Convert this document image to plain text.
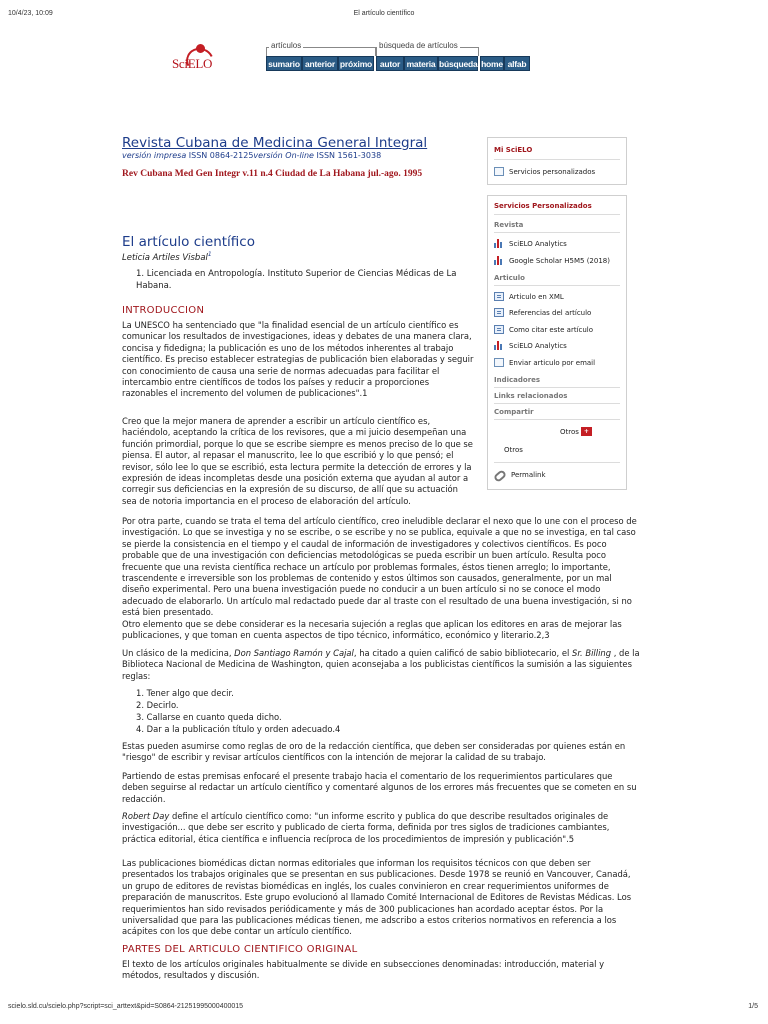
10/4/23, 10:09	El artículo científico
SciELO
artículos	búsqueda de artículos
sumario anterior próximo autor materia búsqueda home alfab
Revista Cubana de Medicina General Integral
versión impresa ISSN 0864-2125versión On-line ISSN 1561-3038
Rev Cubana Med Gen Integr v.11 n.4 Ciudad de La Habana jul.-ago. 1995
El artículo científico
Leticia Artiles Visbal$^1$
1. Licenciada en Antropología. Instituto Superior de Ciencias Médicas de La Habana.
INTRODUCCION

La UNESCO ha sentenciado que "la finalidad esencial de un artículo científico es comunicar los resultados de investigaciones, ideas y debates de una manera clara, concisa y fidedigna; la publicación es uno de los métodos inherentes al trabajo científico. Es preciso establecer estrategias de publicación bien elaboradas y seguir con conocimiento de causa una serie de normas adecuadas para facilitar el intercambio entre científicos de todos los países y reducir a proporciones razonables el incremento del volumen de publicaciones".1

Creo que la mejor manera de aprender a escribir un artículo científico es, haciéndolo, aceptando la crítica de los revisores, que a mi juicio desempeñan una función primordial, porque lo que se escribe siempre es menos preciso de lo que se piensa. El autor, al repasar el manuscrito, lee lo que escribió y lo que pensó; el revisor, sólo lee lo que se escribió, esta lectura permite la detección de errores y la expresión de ideas incompletas desde una posición externa que ayudan al autor a corregir sus deficiencias en la expresión de su discurso, de allí que su actuación sea de notoria importancia en el proceso de elaboración del artículo.

Por otra parte, cuando se trata el tema del artículo científico, creo ineludible declarar el nexo que lo une con el proceso de investigación. Lo que se investiga y no se escribe, o se escribe y no se publica, equivale a que no se investiga, en tal caso se pierde la consistencia en el tiempo y el caudal de información de investigadores y colectivos científicos. Es poco probable que de una investigación con deficiencias metodológicas se pueda escribir un buen artículo. Resulta poco frecuente que una revista científica rechace un artículo por problemas formales, éstos tienen arreglo; lo importante, trascendente e irreversible son los problemas de contenido y estos últimos son causados, generalmente, por un mal diseño experimental. Pero una buena investigación puede no conducir a un buen artículo si no se conoce el modo adecuado de elaborarlo. Un artículo mal redactado puede dar al traste con el resultado de una buena investigación, si no está bien presentado.

Otro elemento que se debe considerar es la necesaria sujeción a reglas que aplican los editores en aras de mejorar las publicaciones, y que toman en cuenta aspectos de tipo técnico, informático, económico y literario.2,3

Un clásico de la medicina, Don Santiago Ramón y Cajal, ha citado a quien calificó de sabio bibliotecario, el Sr. Billing , de la Biblioteca Nacional de Medicina de Washington, quien aconsejaba a los publicistas científicos la sumisión a las siguientes reglas:

1. Tener algo que decir.
2. Decirlo.
3. Callarse en cuanto queda dicho.
4. Dar a la publicación título y orden adecuado.4

Estas pueden asumirse como reglas de oro de la redacción científica, que deben ser consideradas por quienes están en "riesgo" de escribir y revisar artículos científicos con la intención de mejorar la calidad de su trabajo.

Partiendo de estas premisas enfocaré el presente trabajo hacia el comentario de los requerimientos particulares que deben seguirse al redactar un artículo científico y comentaré algunos de los errores más frecuentes que se cometen en su redacción.

Robert Day define el artículo científico como: "un informe escrito y publica do que describe resultados originales de investigación... que debe ser escrito y publicado de cierta forma, definida por tres siglos de tradiciones cambiantes, práctica editorial, ética científica e influencia recíproca de los procedimientos de impresión y publicación".5

Las publicaciones biomédicas dictan normas editoriales que informan los requisitos técnicos con que deben ser presentados los trabajos originales que se presentan en sus publicaciones. Desde 1978 se reunió en Vancouver, Canadá, un grupo de editores de revistas biomédicas en inglés, los cuales convinieron en crear requerimientos uniformes de preparación de manuscritos. Este grupo evolucionó al llamado Comité Internacional de Editores de Revistas Médicas. Los requerimientos han sido revisados periódicamente y más de 300 publicaciones han acordado aceptar éstos. Por la universalidad que para las publicaciones médicas tienen, me adscribo a estos criterios normativos en referencia a los acápites con los que debe contar un artículo científico.

PARTES DEL ARTICULO CIENTIFICO ORIGINAL

El texto de los artículos originales habitualmente se divide en subsecciones denominadas: introducción, material y métodos, resultados y discusión.

Mi SciELO
Servicios personalizados
Servicios Personalizados
Revista
SciELO Analytics
Google Scholar H5M5 (2018)
Articulo
Articulo en XML
Referencias del artículo
Como citar este artículo
SciELO Analytics
Enviar articulo por email
Indicadores
Links relacionados
Compartir
Otros +
Otros
Permalink
scielo.sld.cu/scielo.php?script=sci_arttext&pid=S0864-21251995000400015	1/5
